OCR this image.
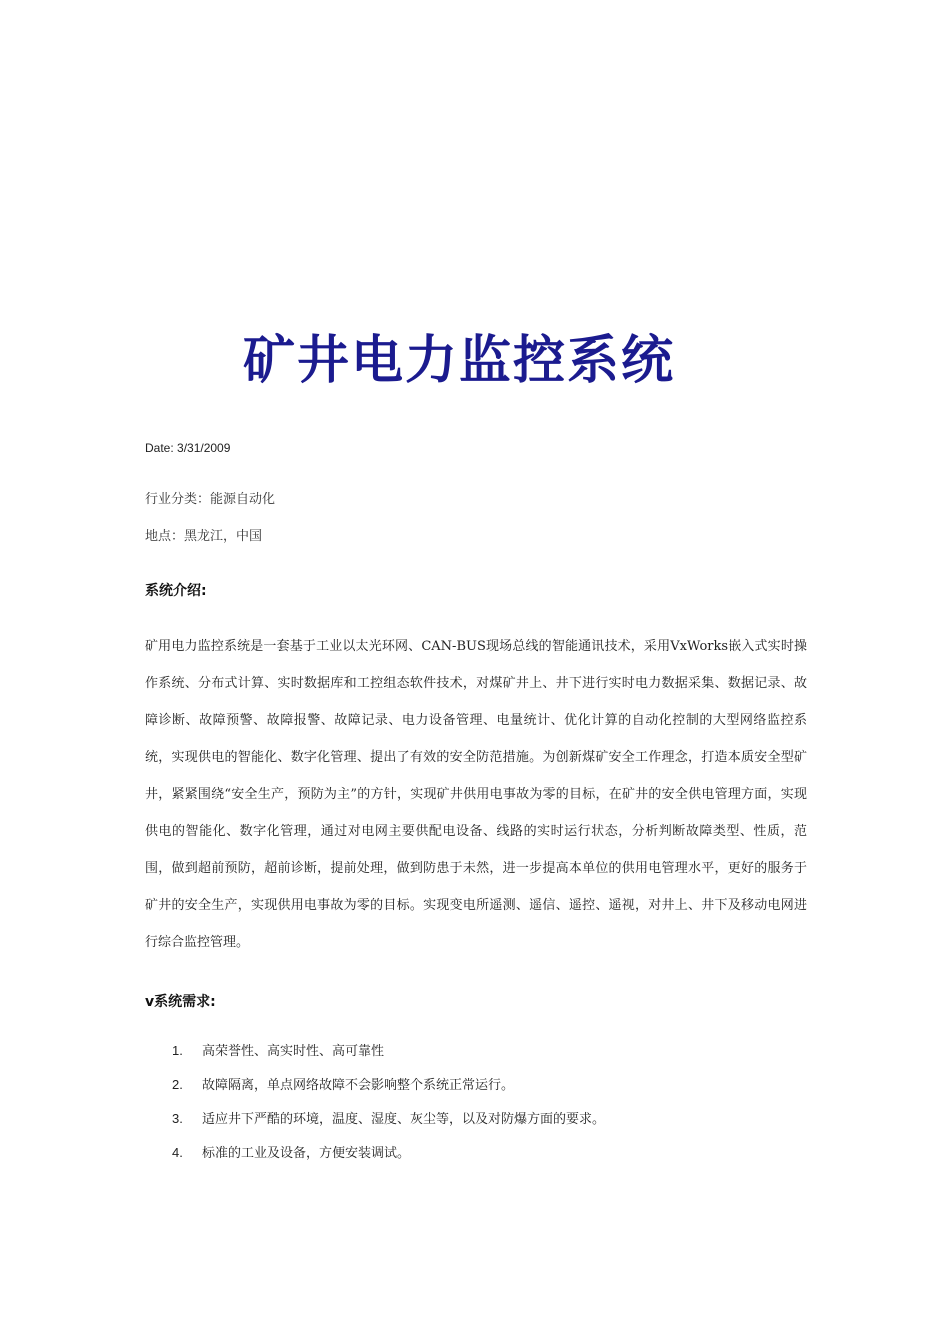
矿井电力监控系统
Date: 3/31/2009
行业分类：能源自动化
地点：黑龙江，中国
系统介绍:

矿用电力监控系统是一套基于工业以太光环网、CAN-BUS现场总线的智能通讯技术，采用VxWorks嵌入式实时操作系统、分布式计算、实时数据库和工控组态软件技术，对煤矿井上、井下进行实时电力数据采集、数据记录、故障诊断、故障预警、故障报警、故障记录、电力设备管理、电量统计、优化计算的自动化控制的大型网络监控系统，实现供电的智能化、数字化管理、提出了有效的安全防范措施。为创新煤矿安全工作理念，打造本质安全型矿井，紧紧围绕“安全生产，预防为主”的方针，实现矿井供用电事故为零的目标，在矿井的安全供电管理方面，实现供电的智能化、数字化管理，通过对电网主要供配电设备、线路的实时运行状态，分析判断故障类型、性质，范围，做到超前预防，超前诊断，提前处理，做到防患于未然，进一步提高本单位的供用电管理水平，更好的服务于矿井的安全生产，实现供用电事故为零的目标。实现变电所遥测、遥信、遥控、遥视，对井上、井下及移动电网进行综合监控管理。

v系统需求:
1.	高荣誉性、高实时性、高可靠性
2.	故障隔离，单点网络故障不会影响整个系统正常运行。
3.	适应井下严酷的环境，温度、湿度、灰尘等，以及对防爆方面的要求。
4.	标准的工业及设备，方便安装调试。
